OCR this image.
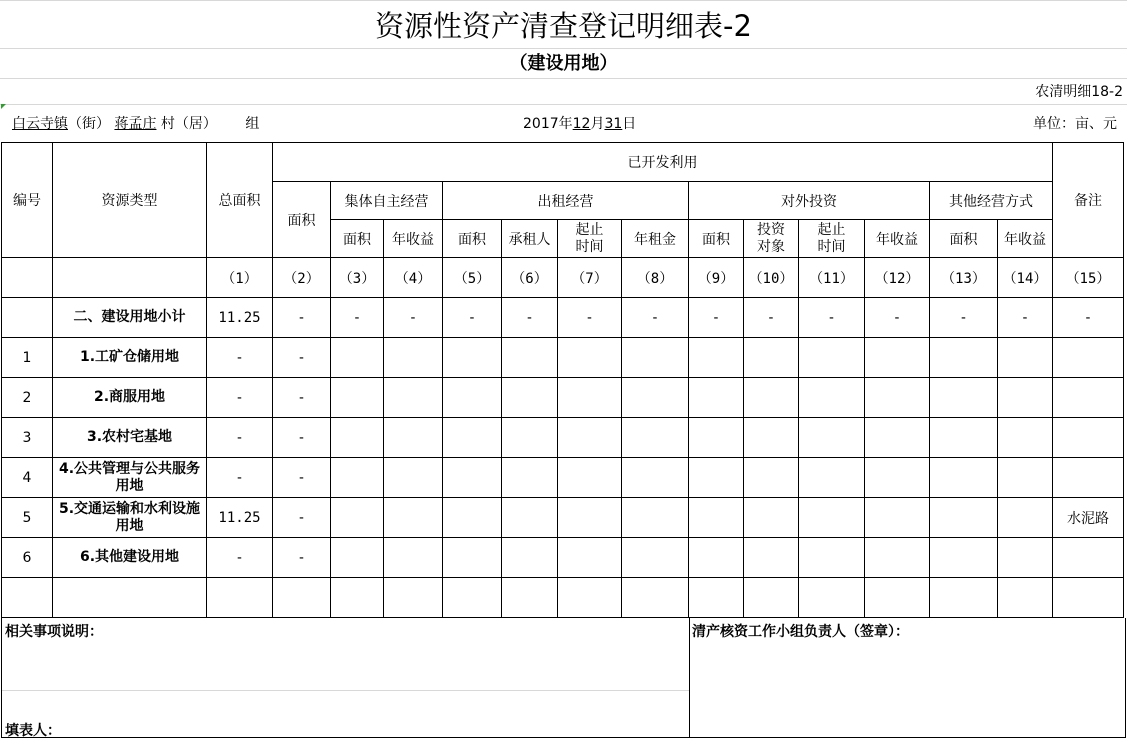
资源性资产清查登记明细表-2
（建设用地）
农清明细18-2
白云寺镇（街） 蒋孟庄 村（居） 组	2017年12月31日	单位：亩、元
编号	资源类型	总面积	已开发利用													备注
			面积	集体自主经营		出租经营				对外投资				其他经营方式		
				面积	年收益	面积	承租人	起止时间	年租金	面积	投资对象	起止时间	年收益	面积	年收益	
		（1）	（2）	（3）	（4）	（5）	（6）	（7）	（8）	（9）	（10）	（11）	（12）	（13）	（14）	（15）
	二、建设用地小计	11.25	-	-	-	-	-	-	-	-	-	-	-	-	-	-
1	1.工矿仓储用地	-	-													
2	2.商服用地	-	-													
3	3.农村宅基地	-	-													
4	4.公共管理与公共服务用地	-	-													
5	5.交通运输和水利设施用地	11.25	-													水泥路
6	6.其他建设用地	-	-													

相关事项说明：	清产核资工作小组负责人（签章）：
填表人：
